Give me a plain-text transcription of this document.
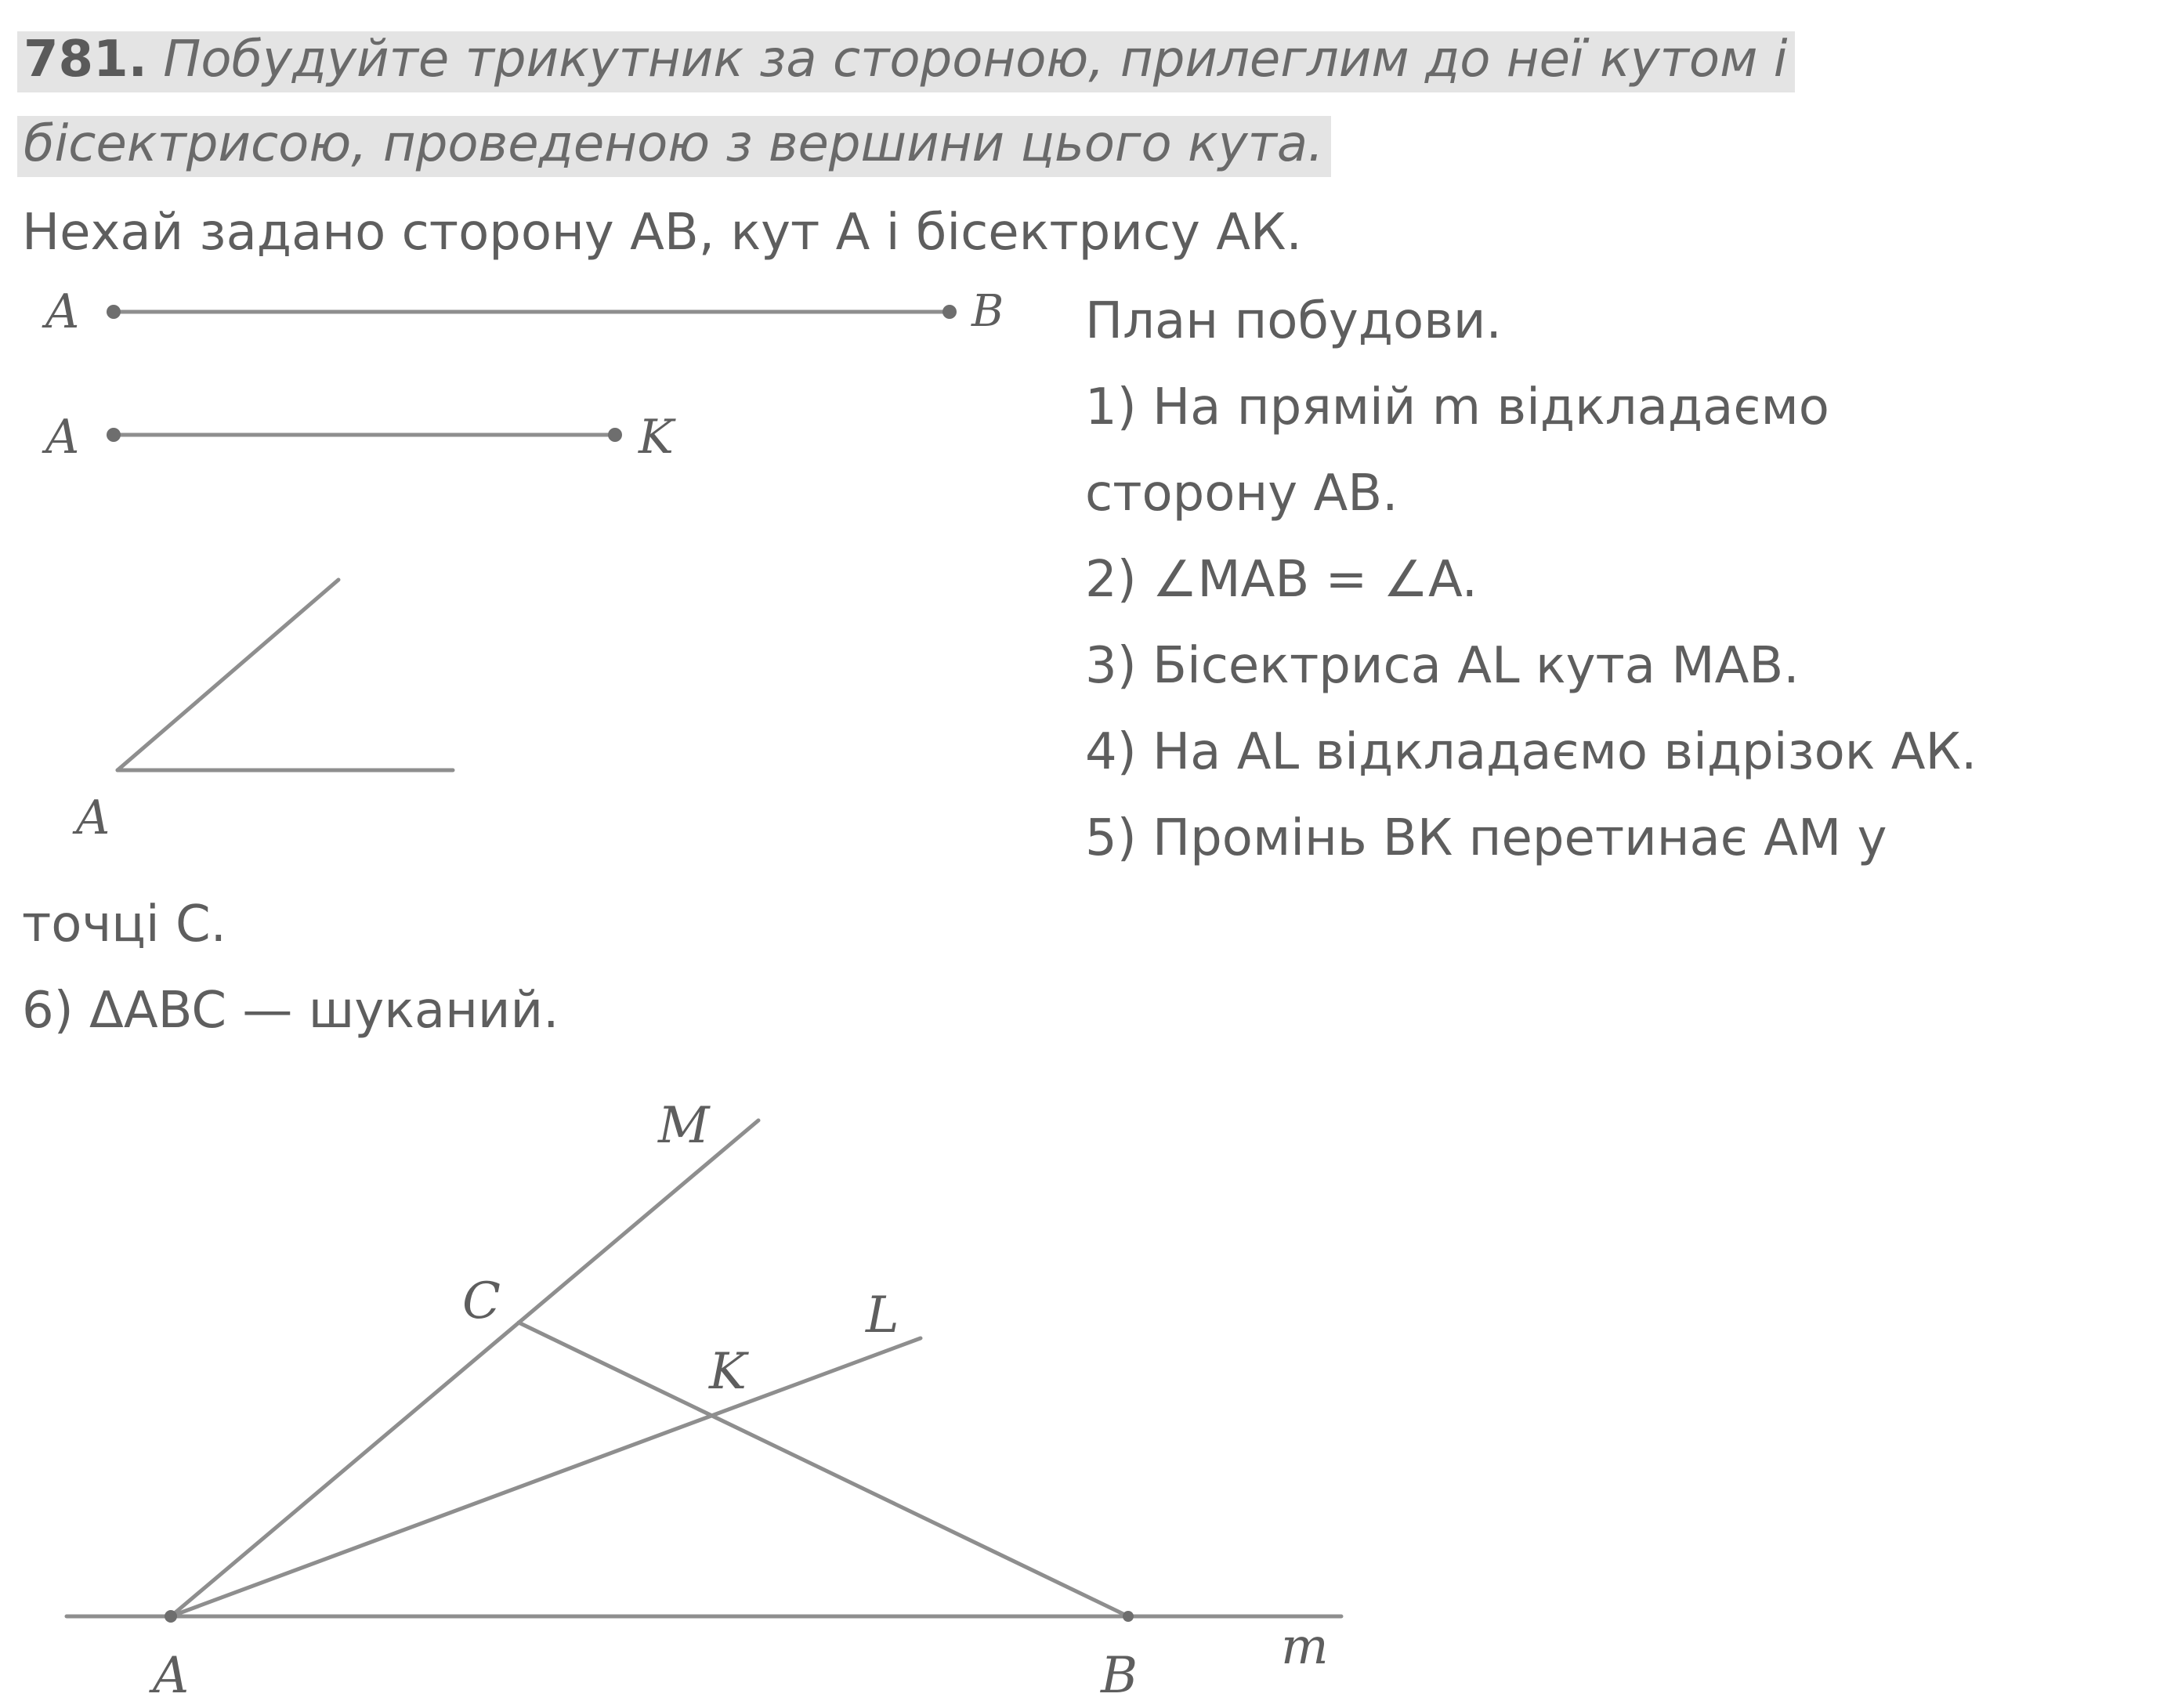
781. Побудуйте трикутник за стороною, прилеглим до неї кутом і
бісектрисою, проведеною з вершини цього кута.
Нехай задано сторону АВ, кут А і бісектрису АК.
План побудови.
1) На прямій m відкладаємо
сторону АВ.
2) ∠MAB = ∠A.
3) Бісектриса AL кута MAB.
4) На AL відкладаємо відрізок АК.
5) Промінь ВК перетинає АМ у
точці С.
6) ΔABC — шуканий.
A	B
A	K
A
A	B
C
K
L
M
m
